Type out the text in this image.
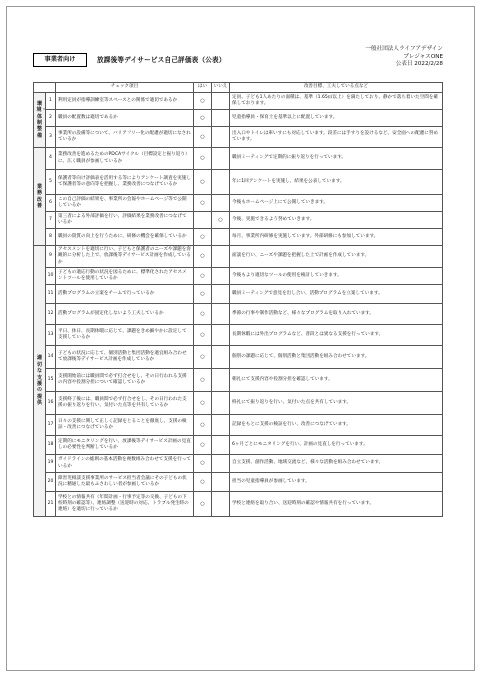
事業者向け	放課後等デイサービス自己評価表（公表）
一般社団法人ライフアデザイン
プレジャスONE
公表日 2022/2/28
		チェック項目	はい	いいえ	改善目標、工夫している点など
環境・体制整備	1	利用定員が指導訓練室等スペースとの関係で適切であるか	○		定員、子ども1人あたりの面積は、基準（1.65㎡以上）を満たしており、静かで落ち着いた空間を確保しております。
	2	職員の配置数は適切であるか	○		児童指導員・保育士を基準以上に配置しています。
	3	事業所の設備等について、バリアフリー化の配慮が適切になされているか	○		出入口やトイレは車いすにも対応しています。段差には手すりを設けるなど、安全面への配慮に努めています。
業務改善	4	業務改善を進めるためのPDCAサイクル（目標設定と振り返り）に、広く職員が参画しているか	○		職員ミーティングで定期的に振り返りを行っています。
	5	保護者等向け評価表を活用する等によりアンケート調査を実施して保護者等の意向等を把握し、業務改善につなげているか	○		年に1回アンケートを実施し、結果を公表しています。
	6	この自己評価の結果を、事業所の会報やホームページ等で公開しているか	○		今後もホームページ上にて公開していきます。
	7	第三者による外部評価を行い、評価結果を業務改善につなげているか		○	今後、実施できるよう努めていきます。
	8	職員の資質の向上を行うために、研修の機会を確保しているか	○		毎月、事業所内研修を実施しています。外部研修にも参加しています。
適切な支援の提供	9	アセスメントを適切に行い、子どもと保護者のニーズや課題を客観的に分析した上で、放課後等デイサービス計画を作成しているか	○		面談を行い、ニーズや課題を把握した上で計画を作成しています。
	10	子どもの適応行動の状況を図るために、標準化されたアセスメントツールを使用しているか	○		今後もより適切なツールの使用を検討していきます。
	11	活動プログラムの立案をチームで行っているか	○		職員ミーティングで意見を出し合い、活動プログラムを立案しています。
	12	活動プログラムが固定化しないよう工夫しているか	○		季節の行事や制作活動など、様々なプログラムを取り入れています。
	13	平日、休日、長期休暇に応じて、課題をきめ細やかに設定して支援しているか	○		長期休暇には外出プログラムなど、普段とは異なる支援を行っています。
	14	子どもの状況に応じて、個別活動と集団活動を適宜組み合わせて放課後等デイサービス計画を作成しているか	○		個別の課題に応じて、個別活動と集団活動を組み合わせています。
	15	支援開始前には職員間で必ず打合せをし、その日行われる支援の内容や役割分担について確認しているか	○		朝礼にて支援内容や役割分担を確認しています。
	16	支援終了後には、職員間で必ず打合せをし、その日行われた支援の振り返りを行い、気付いた点等を共有しているか	○		終礼にて振り返りを行い、気付いた点を共有しています。
	17	日々の支援に関して正しく記録をとることを徹底し、支援の検証・改善につなげているか	○		記録をもとに支援の検証を行い、改善につなげています。
	18	定期的にモニタリングを行い、放課後等デイサービス計画の見直しの必要性を判断しているか	○		6ヶ月ごとにモニタリングを行い、計画の見直しを行っています。
	19	ガイドラインの総則の基本活動を複数組み合わせて支援を行っているか	○		自立支援、創作活動、地域交流など、様々な活動を組み合わせています。
	20	障害児相談支援事業所のサービス担当者会議にその子どもの状況に精通した最もふさわしい者が参画しているか	○		担当の児童指導員が参画しています。
	21	学校との情報共有（年間計画・行事予定等の交換、子どもの下校時刻の確認等）、連絡調整（送迎時の対応、トラブル発生時の連絡）を適切に行っているか	○		学校と連絡を取り合い、送迎時刻の確認や情報共有を行っています。
